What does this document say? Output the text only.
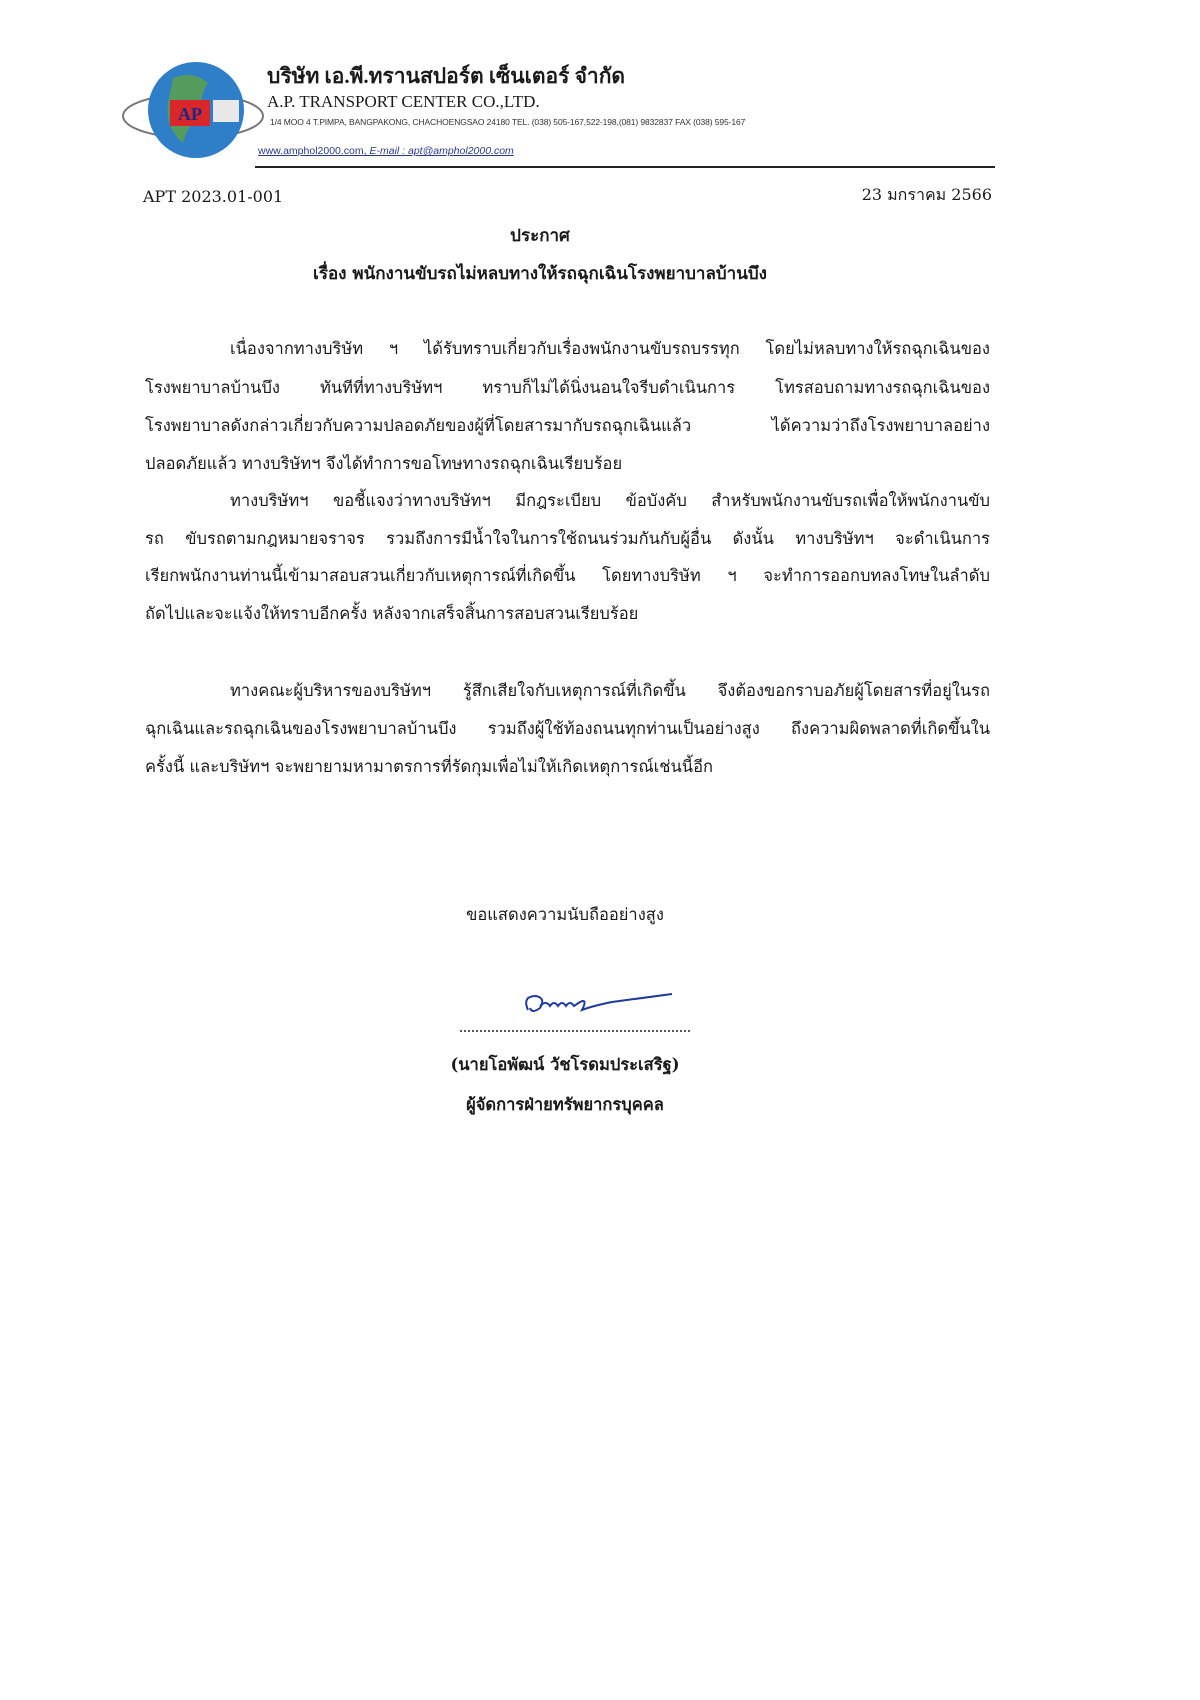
AP
บริษัท เอ.พี.ทรานสปอร์ต เซ็นเตอร์ จำกัด
A.P. TRANSPORT CENTER CO.,LTD.
1/4 MOO 4 T.PIMPA, BANGPAKONG, CHACHOENGSAO 24180 TEL. (038) 505-167,522-198,(081) 9832837 FAX (038) 595-167
www.amphol2000.com, E-mail : apt@amphol2000.com
APT 2023.01-001	23 มกราคม 2566
ประกาศ
เรื่อง พนักงานขับรถไม่หลบทางให้รถฉุกเฉินโรงพยาบาลบ้านบึง
เนื่องจากทางบริษัท ฯ ได้รับทราบเกี่ยวกับเรื่องพนักงานขับรถบรรทุก โดยไม่หลบทางให้รถฉุกเฉินของ
โรงพยาบาลบ้านบึง ทันทีที่ทางบริษัทฯ ทราบก็ไม่ได้นิ่งนอนใจรีบดำเนินการ โทรสอบถามทางรถฉุกเฉินของ
โรงพยาบาลดังกล่าวเกี่ยวกับความปลอดภัยของผู้ที่โดยสารมากับรถฉุกเฉินแล้ว ได้ความว่าถึงโรงพยาบาลอย่าง
ปลอดภัยแล้ว ทางบริษัทฯ จึงได้ทำการขอโทษทางรถฉุกเฉินเรียบร้อย
ทางบริษัทฯ ขอชี้แจงว่าทางบริษัทฯ มีกฎระเบียบ ข้อบังคับ สำหรับพนักงานขับรถเพื่อให้พนักงานขับ
รถ ขับรถตามกฎหมายจราจร รวมถึงการมีน้ำใจในการใช้ถนนร่วมกันกับผู้อื่น ดังนั้น ทางบริษัทฯ จะดำเนินการ
เรียกพนักงานท่านนี้เข้ามาสอบสวนเกี่ยวกับเหตุการณ์ที่เกิดขึ้น โดยทางบริษัท ฯ จะทำการออกบทลงโทษในลำดับ
ถัดไปและจะแจ้งให้ทราบอีกครั้ง หลังจากเสร็จสิ้นการสอบสวนเรียบร้อย
ทางคณะผู้บริหารของบริษัทฯ รู้สึกเสียใจกับเหตุการณ์ที่เกิดขึ้น จึงต้องขอกราบอภัยผู้โดยสารที่อยู่ในรถ
ฉุกเฉินและรถฉุกเฉินของโรงพยาบาลบ้านบึง รวมถึงผู้ใช้ท้องถนนทุกท่านเป็นอย่างสูง ถึงความผิดพลาดที่เกิดขึ้นใน
ครั้งนี้ และบริษัทฯ จะพยายามหามาตรการที่รัดกุมเพื่อไม่ให้เกิดเหตุการณ์เช่นนี้อีก
ขอแสดงความนับถืออย่างสูง
(นายโอพัฒน์ วัชโรดมประเสริฐ)
ผู้จัดการฝ่ายทรัพยากรบุคคล
